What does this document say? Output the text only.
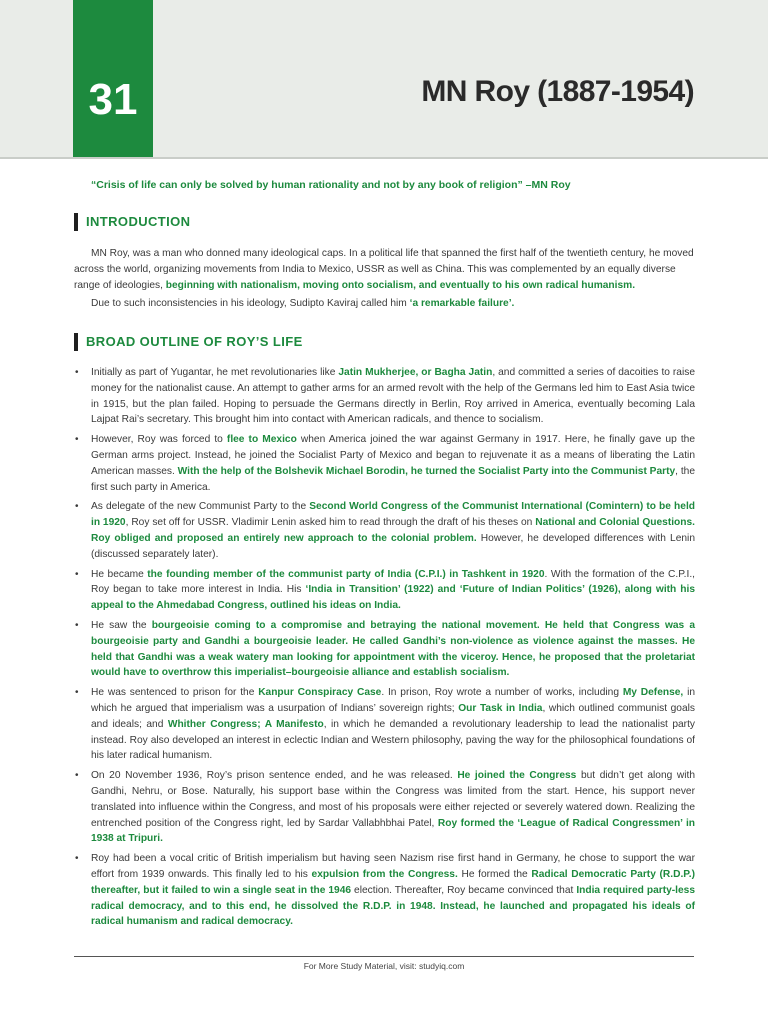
31	MN Roy (1887-1954)
“Crisis of life can only be solved by human rationality and not by any book of religion” –MN Roy
INTRODUCTION

MN Roy, was a man who donned many ideological caps. In a political life that spanned the first half of the twentieth century, he moved across the world, organizing movements from India to Mexico, USSR as well as China. This was complemented by an equally diverse range of ideologies, beginning with nationalism, moving onto socialism, and eventually to his own radical humanism.

Due to such inconsistencies in his ideology, Sudipto Kaviraj called him ‘a remarkable failure’.

BROAD OUTLINE OF ROY’S LIFE
• Initially as part of Yugantar, he met revolutionaries like Jatin Mukherjee, or Bagha Jatin, and committed a series of dacoities to raise money for the nationalist cause. An attempt to gather arms for an armed revolt with the help of the Germans led him to East Asia twice in 1915, but the plan failed. Hoping to persuade the Germans directly in Berlin, Roy arrived in America, eventually becoming Lala Lajpat Rai’s secretary. This brought him into contact with American radicals, and thence to socialism.
• However, Roy was forced to flee to Mexico when America joined the war against Germany in 1917. Here, he finally gave up the German arms project. Instead, he joined the Socialist Party of Mexico and began to rejuvenate it as a means of liberating the Latin American masses. With the help of the Bolshevik Michael Borodin, he turned the Socialist Party into the Communist Party, the first such party in America.
• As delegate of the new Communist Party to the Second World Congress of the Communist International (Comintern) to be held in 1920, Roy set off for USSR. Vladimir Lenin asked him to read through the draft of his theses on National and Colonial Questions. Roy obliged and proposed an entirely new approach to the colonial problem. However, he developed differences with Lenin (discussed separately later).
• He became the founding member of the communist party of India (C.P.I.) in Tashkent in 1920. With the formation of the C.P.I., Roy began to take more interest in India. His ‘India in Transition’ (1922) and ‘Future of Indian Politics’ (1926), along with his appeal to the Ahmedabad Congress, outlined his ideas on India.
• He saw the bourgeoisie coming to a compromise and betraying the national movement. He held that Congress was a bourgeoisie party and Gandhi a bourgeoisie leader. He called Gandhi’s non-violence as violence against the masses. He held that Gandhi was a weak watery man looking for appointment with the viceroy. Hence, he proposed that the proletariat would have to overthrow this imperialist–bourgeoisie alliance and establish socialism.
• He was sentenced to prison for the Kanpur Conspiracy Case. In prison, Roy wrote a number of works, including My Defense, in which he argued that imperialism was a usurpation of Indians’ sovereign rights; Our Task in India, which outlined communist goals and ideals; and Whither Congress; A Manifesto, in which he demanded a revolutionary leadership to lead the nationalist party instead. Roy also developed an interest in eclectic Indian and Western philosophy, paving the way for the philosophical foundations of his later radical humanism.
• On 20 November 1936, Roy’s prison sentence ended, and he was released. He joined the Congress but didn’t get along with Gandhi, Nehru, or Bose. Naturally, his support base within the Congress was limited from the start. Hence, his support never translated into influence within the Congress, and most of his proposals were either rejected or severely watered down. Realizing the entrenched position of the Congress right, led by Sardar Vallabhbhai Patel, Roy formed the ‘League of Radical Congressmen’ in 1938 at Tripuri.
• Roy had been a vocal critic of British imperialism but having seen Nazism rise first hand in Germany, he chose to support the war effort from 1939 onwards. This finally led to his expulsion from the Congress. He formed the Radical Democratic Party (R.D.P.) thereafter, but it failed to win a single seat in the 1946 election. Thereafter, Roy became convinced that India required party-less radical democracy, and to this end, he dissolved the R.D.P. in 1948. Instead, he launched and propagated his ideals of radical humanism and radical democracy.
For More Study Material, visit: studyiq.com
